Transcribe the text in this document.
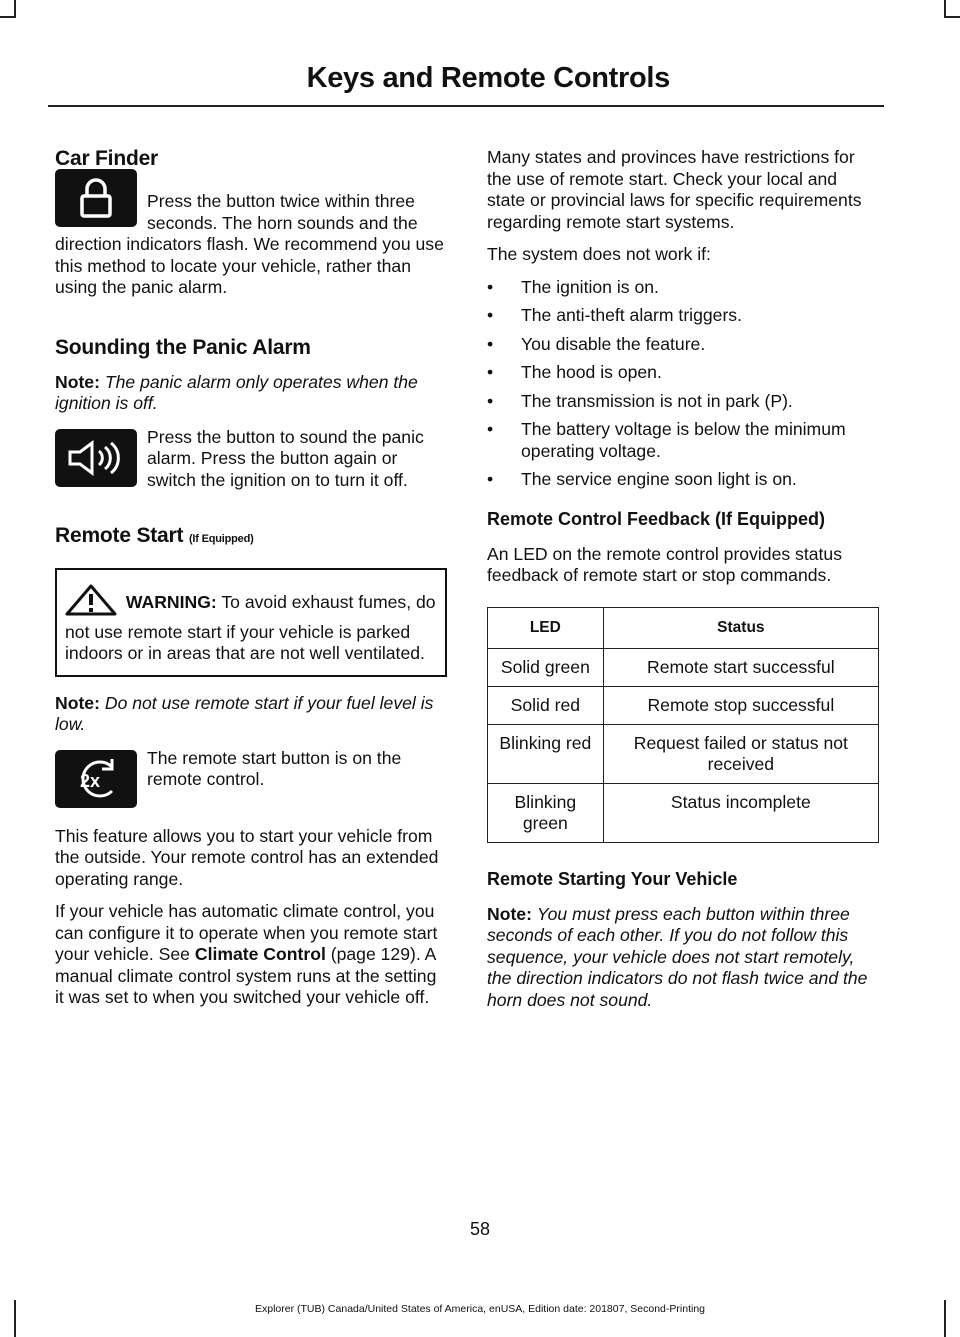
Keys and Remote Controls
Car Finder

Press the button twice within three seconds. The horn sounds and the direction indicators flash. We recommend you use this method to locate your vehicle, rather than using the panic alarm.

Sounding the Panic Alarm

Note: The panic alarm only operates when the ignition is off.

Press the button to sound the panic alarm. Press the button again or switch the ignition on to turn it off.

Remote Start (If Equipped)

WARNING: To avoid exhaust fumes, do not use remote start if your vehicle is parked indoors or in areas that are not well ventilated.

Note: Do not use remote start if your fuel level is low.

2x

The remote start button is on the remote control.

This feature allows you to start your vehicle from the outside. Your remote control has an extended operating range.

If your vehicle has automatic climate control, you can configure it to operate when you remote start your vehicle. See Climate Control (page 129). A manual climate control system runs at the setting it was set to when you switched your vehicle off.

Many states and provinces have restrictions for the use of remote start. Check your local and state or provincial laws for specific requirements regarding remote start systems.

The system does not work if:

• The ignition is on.
• The anti-theft alarm triggers.
• You disable the feature.
• The hood is open.
• The transmission is not in park (P).
• The battery voltage is below the minimum operating voltage.
• The service engine soon light is on.
Remote Control Feedback (If Equipped)

An LED on the remote control provides status feedback of remote start or stop commands.

LED	Status
Solid green	Remote start successful
Solid red	Remote stop successful
Blinking red	Request failed or status not received
Blinking green	Status incomplete
Remote Starting Your Vehicle

Note: You must press each button within three seconds of each other. If you do not follow this sequence, your vehicle does not start remotely, the direction indicators do not flash twice and the horn does not sound.

58
Explorer (TUB) Canada/United States of America, enUSA, Edition date: 201807, Second-Printing
